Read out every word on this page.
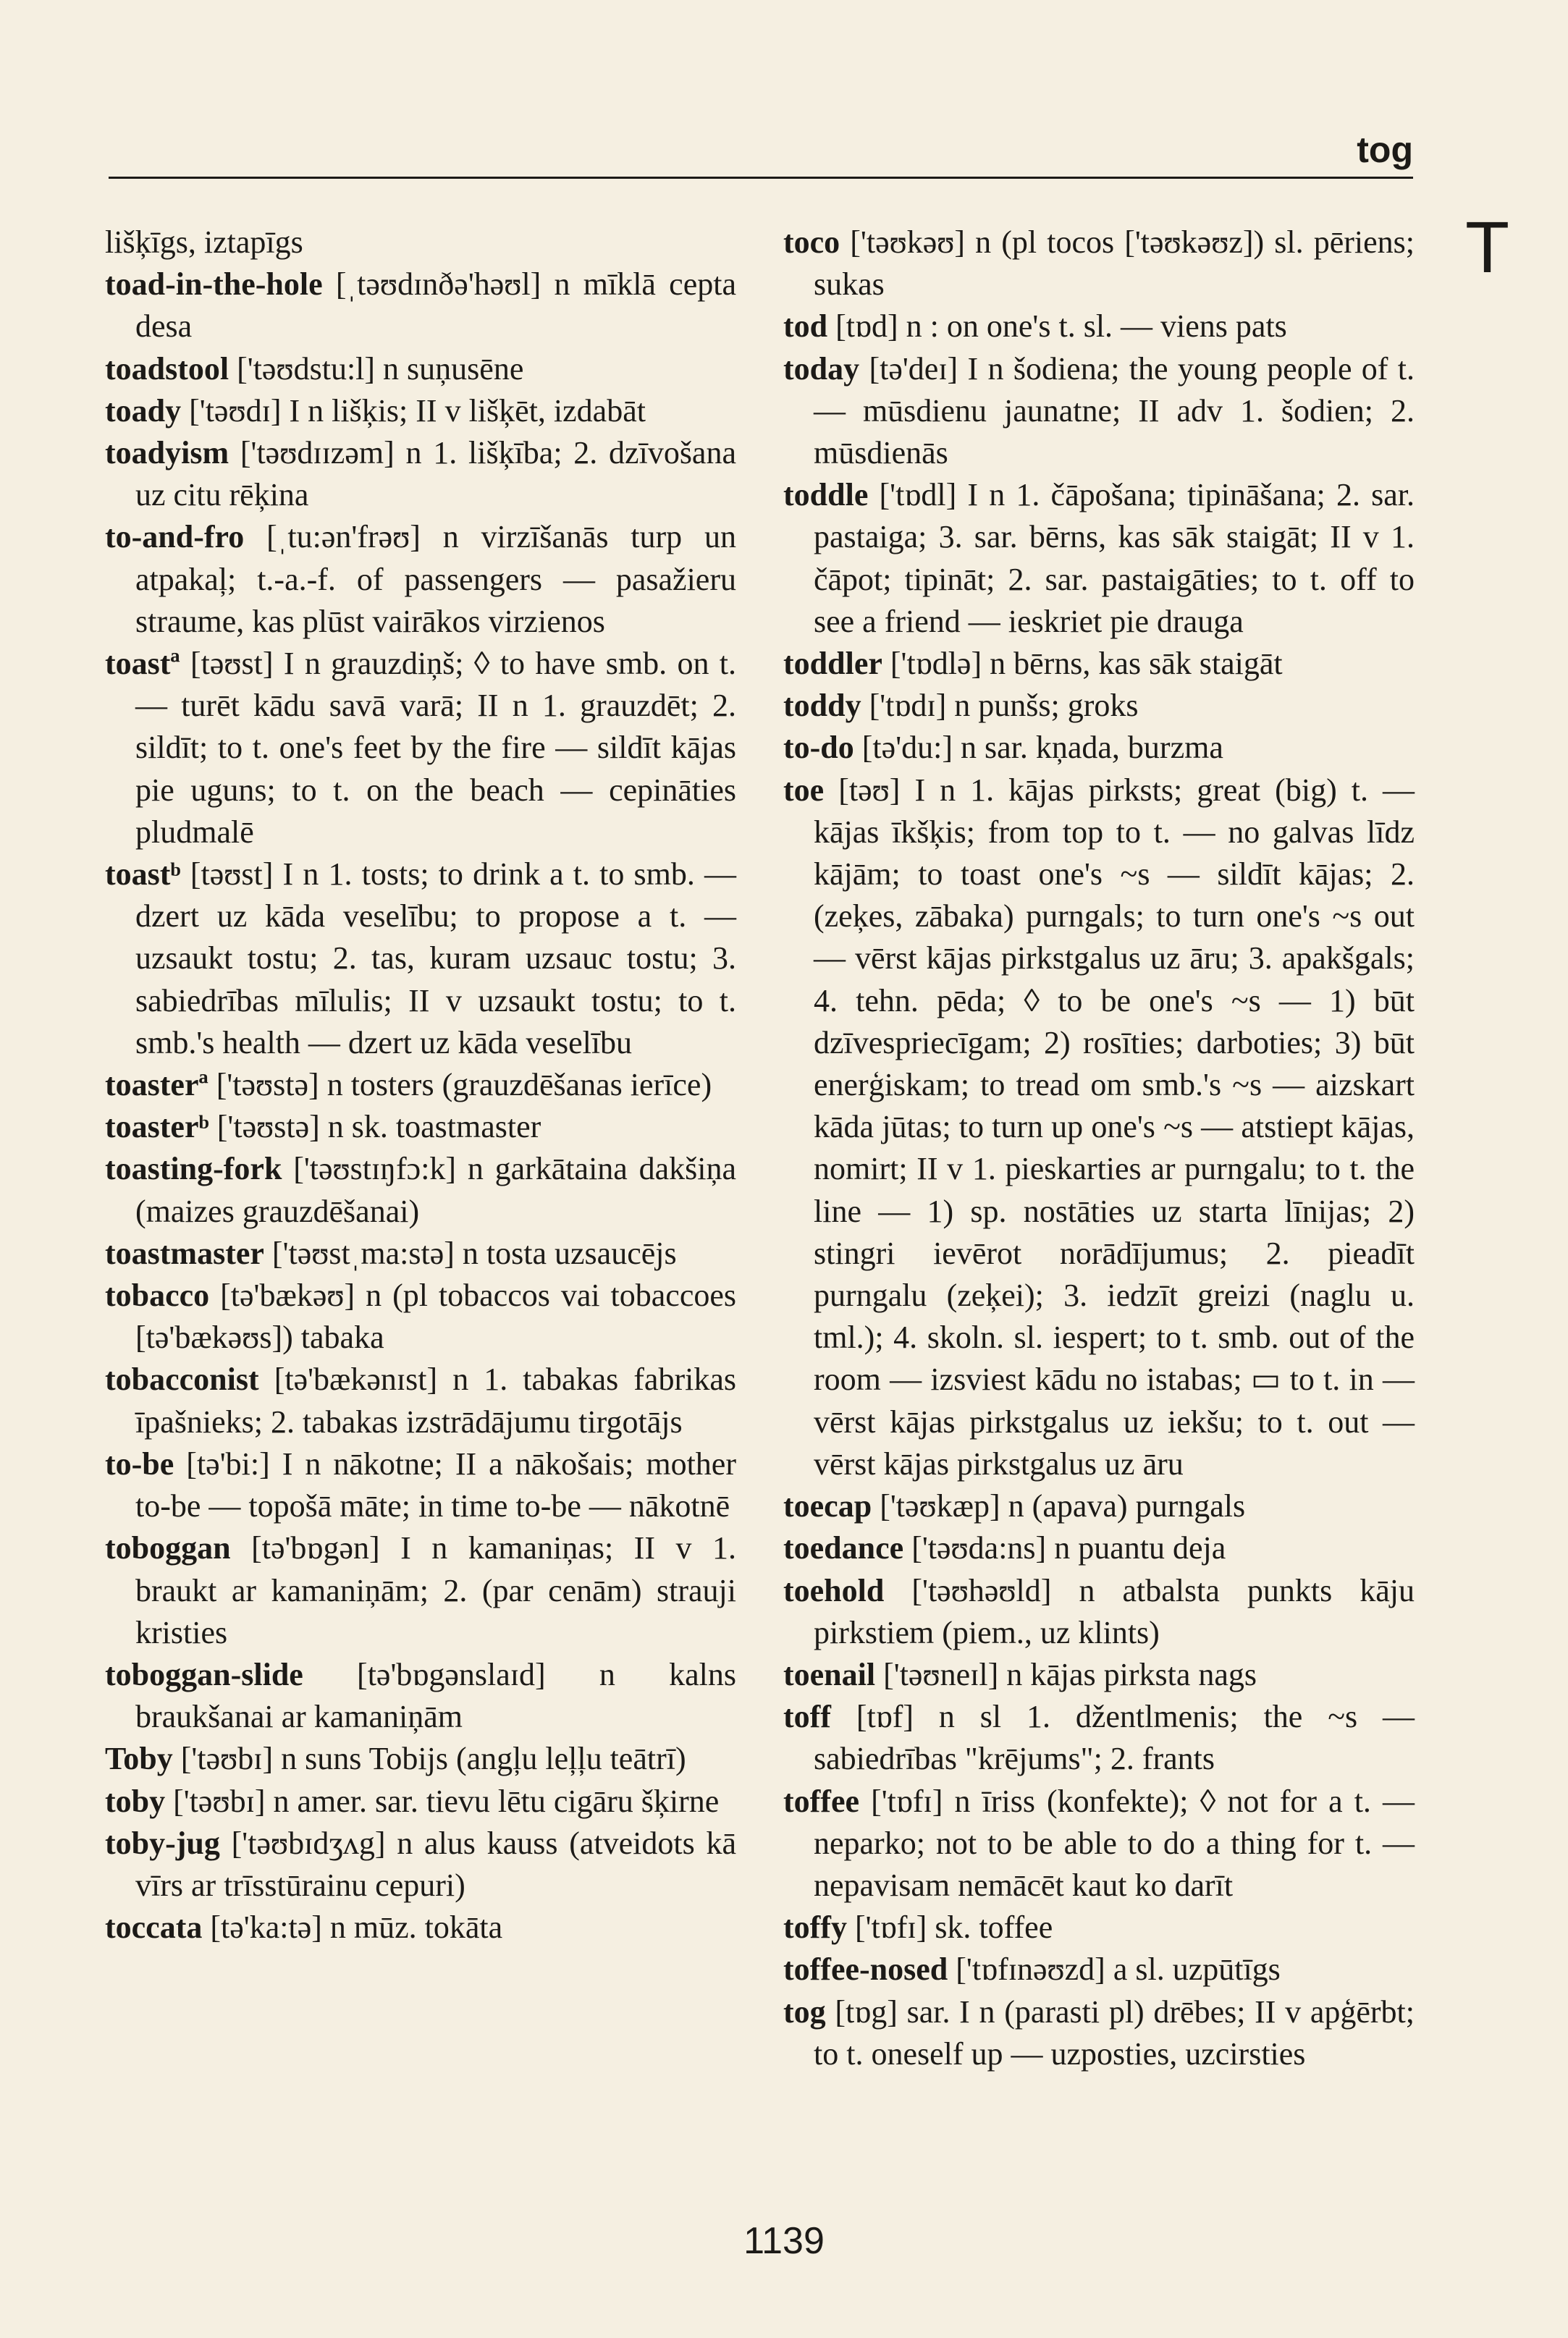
tog
T
lišķīgs, iztapīgs
toad-in-the-hole [ˌtəʊdɪnðə'həʊl] n mīklā cepta desa
toadstool ['təʊdstu:l] n suņusēne
toady ['təʊdɪ] I n lišķis; II v lišķēt, izdabāt
toadyism ['təʊdɪɪzəm] n 1. lišķība; 2. dzīvošana uz citu rēķina
to-and-fro [ˌtu:ən'frəʊ] n virzīšanās turp un atpakaļ; t.-a.-f. of passengers — pasažieru straume, kas plūst vairākos virzienos
toastª [təʊst] I n grauzdiņš; ◊ to have smb. on t. — turēt kādu savā varā; II n 1. grauzdēt; 2. sildīt; to t. one's feet by the fire — sildīt kājas pie uguns; to t. on the beach — cepināties pludmalē
toastᵇ [təʊst] I n 1. tosts; to drink a t. to smb. — dzert uz kāda veselību; to propose a t. — uzsaukt tostu; 2. tas, kuram uzsauc tostu; 3. sabiedrības mīlulis; II v uzsaukt tostu; to t. smb.'s health — dzert uz kāda veselību
toasterª ['təʊstə] n tosters (grauzdēšanas ierīce)
toasterᵇ ['təʊstə] n sk. toastmaster
toasting-fork ['təʊstɪŋfɔ:k] n garkātaina dakšiņa (maizes grauzdēšanai)
toastmaster ['təʊstˌma:stə] n tosta uzsaucējs
tobacco [tə'bækəʊ] n (pl tobaccos vai tobaccoes [tə'bækəʊs]) tabaka
tobacconist [tə'bækənɪst] n 1. tabakas fabrikas īpašnieks; 2. tabakas izstrādājumu tirgotājs
to-be [tə'bi:] I n nākotne; II a nākošais; mother to-be — topošā māte; in time to-be — nākotnē
toboggan [tə'bɒgən] I n kamaniņas; II v 1. braukt ar kamaniņām; 2. (par cenām) strauji kristies
toboggan-slide [tə'bɒgənslaɪd] n kalns braukšanai ar kamaniņām
Toby ['təʊbɪ] n suns Tobijs (angļu leļļu teātrī)
toby ['təʊbɪ] n amer. sar. tievu lētu cigāru šķirne
toby-jug ['təʊbɪdʒʌg] n alus kauss (atveidots kā vīrs ar trīsstūrainu cepuri)
toccata [tə'ka:tə] n mūz. tokāta
toco ['təʊkəʊ] n (pl tocos ['təʊkəʊz]) sl. pēriens; sukas
tod [tɒd] n : on one's t. sl. — viens pats
today [tə'deɪ] I n šodiena; the young people of t. — mūsdienu jaunatne; II adv 1. šodien; 2. mūsdienās
toddle ['tɒdl] I n 1. čāpošana; tipināšana; 2. sar. pastaiga; 3. sar. bērns, kas sāk staigāt; II v 1. čāpot; tipināt; 2. sar. pastaigāties; to t. off to see a friend — ieskriet pie drauga
toddler ['tɒdlə] n bērns, kas sāk staigāt
toddy ['tɒdɪ] n punšs; groks
to-do [tə'du:] n sar. kņada, burzma
toe [təʊ] I n 1. kājas pirksts; great (big) t. — kājas īkšķis; from top to t. — no galvas līdz kājām; to toast one's ~s — sildīt kājas; 2. (zeķes, zābaka) purngals; to turn one's ~s out — vērst kājas pirkstgalus uz āru; 3. apakšgals; 4. tehn. pēda; ◊ to be one's ~s — 1) būt dzīvespriecīgam; 2) rosīties; darboties; 3) būt enerģiskam; to tread om smb.'s ~s — aizskart kāda jūtas; to turn up one's ~s — atstiept kājas, nomirt; II v 1. pieskarties ar purngalu; to t. the line — 1) sp. nostāties uz starta līnijas; 2) stingri ievērot norādījumus; 2. pieadīt purngalu (zeķei); 3. iedzīt greizi (naglu u. tml.); 4. skoln. sl. iespert; to t. smb. out of the room — izsviest kādu no istabas; ▭ to t. in — vērst kājas pirkstgalus uz iekšu; to t. out — vērst kājas pirkstgalus uz āru
toecap ['təʊkæp] n (apava) purngals
toedance ['təʊda:ns] n puantu deja
toehold ['təʊhəʊld] n atbalsta punkts kāju pirkstiem (piem., uz klints)
toenail ['təʊneɪl] n kājas pirksta nags
toff [tɒf] n sl 1. džentlmenis; the ~s — sabiedrības "krējums"; 2. frants
toffee ['tɒfɪ] n īriss (konfekte); ◊ not for a t. — neparko; not to be able to do a thing for t. — nepavisam nemācēt kaut ko darīt
toffy ['tɒfɪ] sk. toffee
toffee-nosed ['tɒfɪnəʊzd] a sl. uzpūtīgs
tog [tɒg] sar. I n (parasti pl) drēbes; II v apģērbt; to t. oneself up — uzposties, uzcirsties
1139
